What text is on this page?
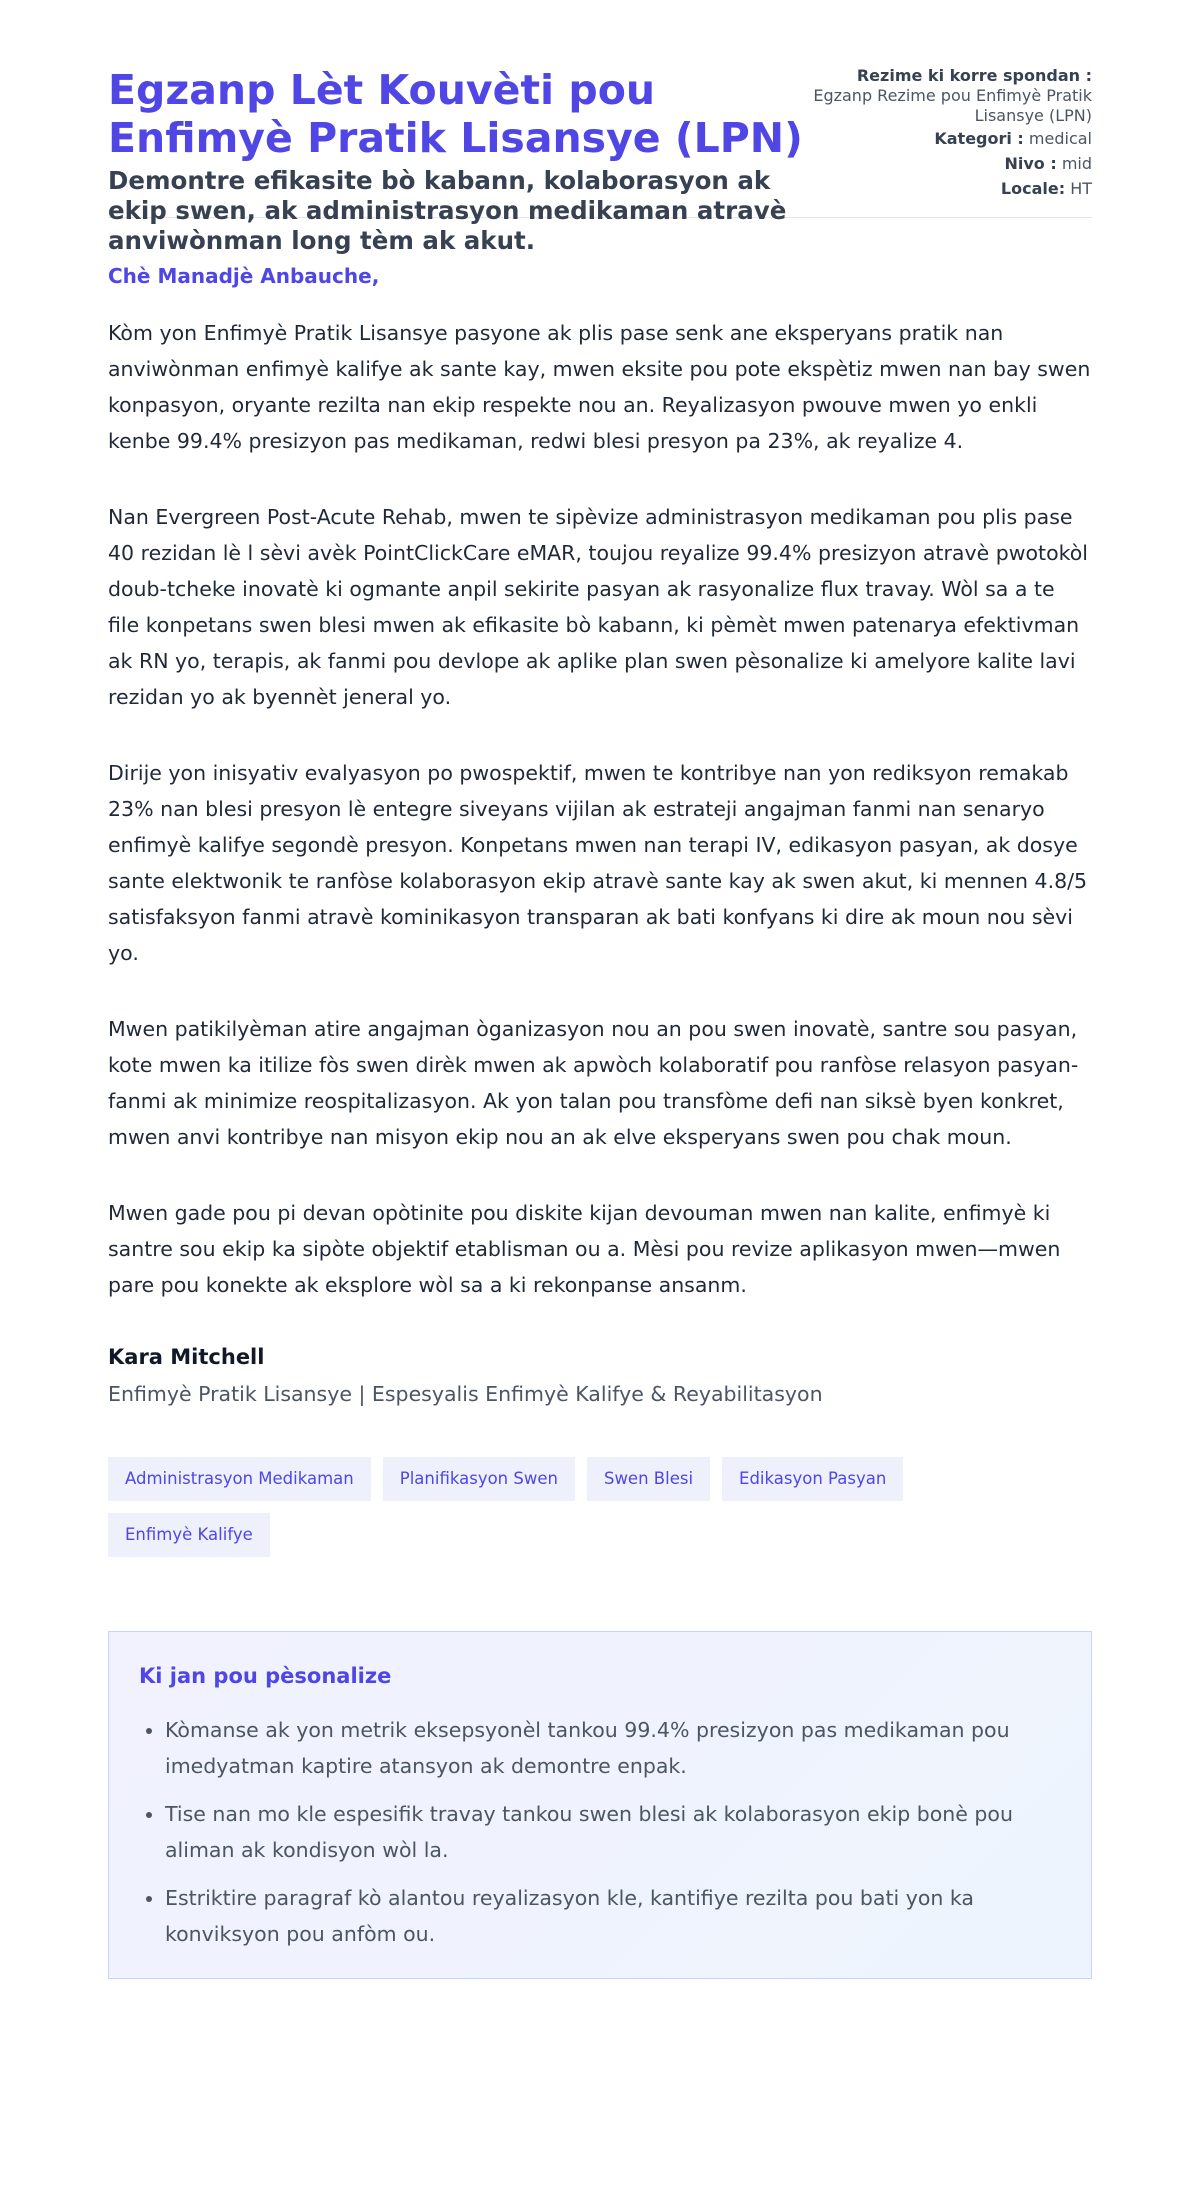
Egzanp Lèt Kouvèti pou Enfimyè Pratik Lisansye (LPN)
Demontre efikasite bò kabann, kolaborasyon ak ekip swen, ak administrasyon medikaman atravè anviwònman long tèm ak akut.
Rezime ki korre spondan :
Egzanp Rezime pou Enfimyè Pratik Lisansye (LPN)
Kategori : medical
Nivo : mid
Locale: HT

Chè Manadjè Anbauche,

Kòm yon Enfimyè Pratik Lisansye pasyone ak plis pase senk ane eksperyans pratik nan anviwònman enfimyè kalifye ak sante kay, mwen eksite pou pote ekspètiz mwen nan bay swen konpasyon, oryante rezilta nan ekip respekte nou an. Reyalizasyon pwouve mwen yo enkli kenbe 99.4% presizyon pas medikaman, redwi blesi presyon pa 23%, ak reyalize 4.

Nan Evergreen Post-Acute Rehab, mwen te sipèvize administrasyon medikaman pou plis pase 40 rezidan lè l sèvi avèk PointClickCare eMAR, toujou reyalize 99.4% presizyon atravè pwotokòl doub-tcheke inovatè ki ogmante anpil sekirite pasyan ak rasyonalize flux travay. Wòl sa a te file konpetans swen blesi mwen ak efikasite bò kabann, ki pèmèt mwen patenarya efektivman ak RN yo, terapis, ak fanmi pou devlope ak aplike plan swen pèsonalize ki amelyore kalite lavi rezidan yo ak byennèt jeneral yo.

Dirije yon inisyativ evalyasyon po pwospektif, mwen te kontribye nan yon rediksyon remakab 23% nan blesi presyon lè entegre siveyans vijilan ak estrateji angajman fanmi nan senaryo enfimyè kalifye segondè presyon. Konpetans mwen nan terapi IV, edikasyon pasyan, ak dosye sante elektwonik te ranfòse kolaborasyon ekip atravè sante kay ak swen akut, ki mennen 4.8/5 satisfaksyon fanmi atravè kominikasyon transparan ak bati konfyans ki dire ak moun nou sèvi yo.

Mwen patikilyèman atire angajman òganizasyon nou an pou swen inovatè, santre sou pasyan, kote mwen ka itilize fòs swen dirèk mwen ak apwòch kolaboratif pou ranfòse relasyon pasyan-fanmi ak minimize reospitalizasyon. Ak yon talan pou transfòme defi nan siksè byen konkret, mwen anvi kontribye nan misyon ekip nou an ak elve eksperyans swen pou chak moun.

Mwen gade pou pi devan opòtinite pou diskite kijan devouman mwen nan kalite, enfimyè ki santre sou ekip ka sipòte objektif etablisman ou a. Mèsi pou revize aplikasyon mwen—mwen pare pou konekte ak eksplore wòl sa a ki rekonpanse ansanm.

Kara Mitchell
Enfimyè Pratik Lisansye | Espesyalis Enfimyè Kalifye & Reyabilitasyon
Administrasyon Medikaman	Planifikasyon Swen	Swen Blesi	Edikasyon Pasyan
Enfimyè Kalifye
Ki jan pou pèsonalize
• Kòmanse ak yon metrik eksepsyonèl tankou 99.4% presizyon pas medikaman pou imedyatman kaptire atansyon ak demontre enpak.
• Tise nan mo kle espesifik travay tankou swen blesi ak kolaborasyon ekip bonè pou aliman ak kondisyon wòl la.
• Estriktire paragraf kò alantou reyalizasyon kle, kantifiye rezilta pou bati yon ka konviksyon pou anfòm ou.
